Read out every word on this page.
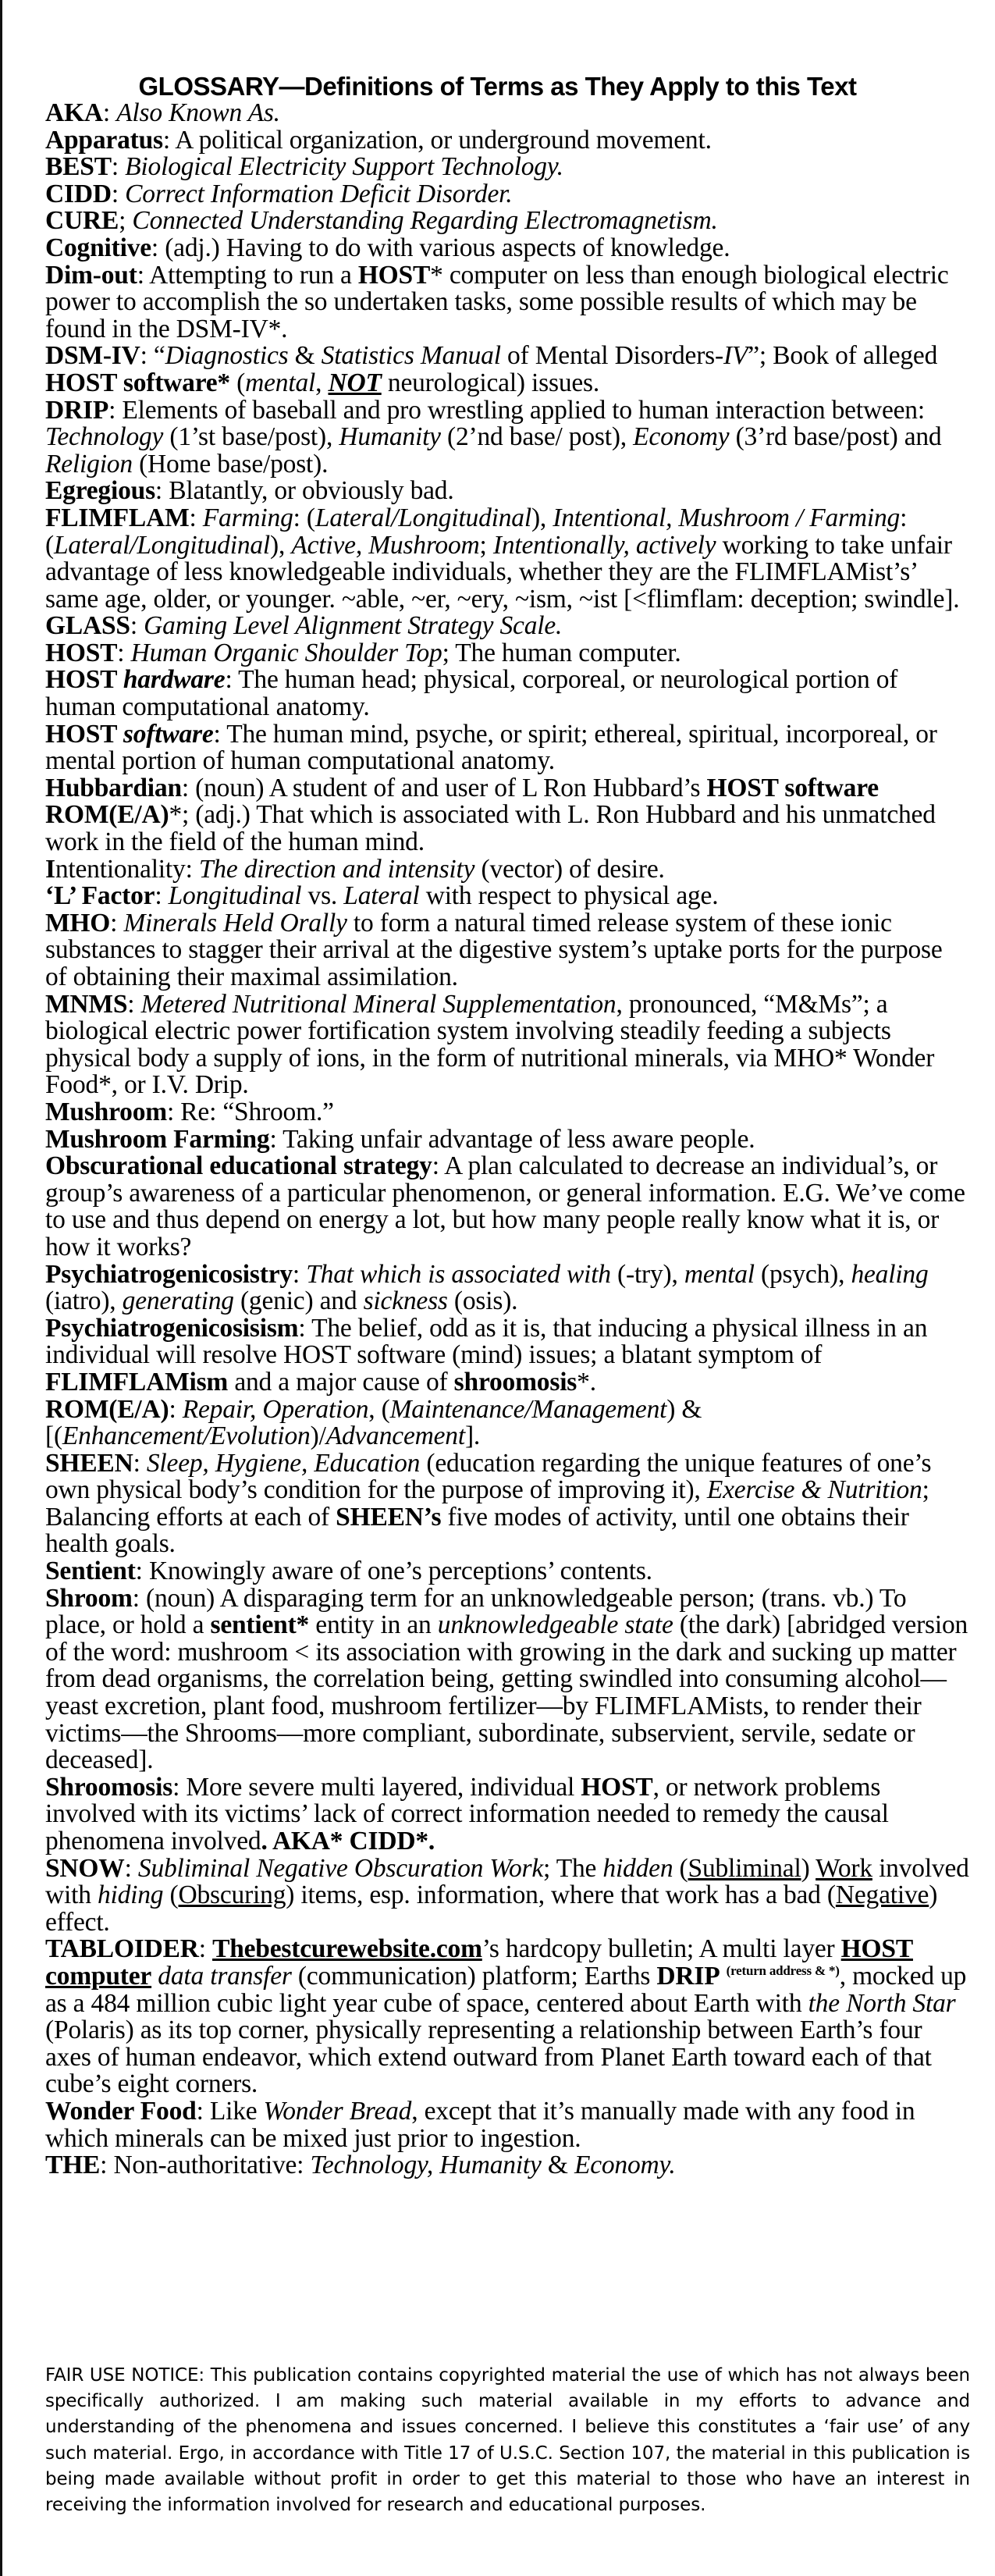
GLOSSARY—Definitions of Terms as They Apply to this Text
AKA: Also Known As.
Apparatus: A political organization, or underground movement.
BEST: Biological Electricity Support Technology.
CIDD: Correct Information Deficit Disorder.
CURE; Connected Understanding Regarding Electromagnetism.
Cognitive: (adj.) Having to do with various aspects of knowledge.
Dim-out: Attempting to run a HOST* computer on less than enough biological electric power to accomplish the so undertaken tasks, some possible results of which may be found in the DSM-IV*.
DSM-IV: “Diagnostics & Statistics Manual of Mental Disorders-IV”; Book of alleged HOST software* (mental, NOT neurological) issues.
DRIP: Elements of baseball and pro wrestling applied to human interaction between: Technology (1’st base/post), Humanity (2’nd base/ post), Economy (3’rd base/post) and Religion (Home base/post).
Egregious: Blatantly, or obviously bad.
FLIMFLAM: Farming: (Lateral/Longitudinal), Intentional, Mushroom / Farming: (Lateral/Longitudinal), Active, Mushroom; Intentionally, actively working to take unfair advantage of less knowledgeable individuals, whether they are the FLIMFLAMist’s’ same age, older, or younger. ~able, ~er, ~ery, ~ism, ~ist [<flimflam: deception; swindle].
GLASS: Gaming Level Alignment Strategy Scale.
HOST: Human Organic Shoulder Top; The human computer.
HOST hardware: The human head; physical, corporeal, or neurological portion of human computational anatomy.
HOST software: The human mind, psyche, or spirit; ethereal, spiritual, incorporeal, or mental portion of human computational anatomy.
Hubbardian: (noun) A student of and user of L Ron Hubbard’s HOST software ROM(E/A)*; (adj.) That which is associated with L. Ron Hubbard and his unmatched work in the field of the human mind.
Intentionality: The direction and intensity (vector) of desire.
‘L’ Factor: Longitudinal vs. Lateral with respect to physical age.
MHO: Minerals Held Orally to form a natural timed release system of these ionic substances to stagger their arrival at the digestive system’s uptake ports for the purpose of obtaining their maximal assimilation.
MNMS: Metered Nutritional Mineral Supplementation, pronounced, “M&Ms”; a biological electric power fortification system involving steadily feeding a subjects physical body a supply of ions, in the form of nutritional minerals, via MHO* Wonder Food*, or I.V. Drip.
Mushroom: Re: “Shroom.”
Mushroom Farming: Taking unfair advantage of less aware people.
Obscurational educational strategy: A plan calculated to decrease an individual’s, or group’s awareness of a particular phenomenon, or general information. E.G. We’ve come to use and thus depend on energy a lot, but how many people really know what it is, or how it works?
Psychiatrogenicosistry: That which is associated with (-try), mental (psych), healing (iatro), generating (genic) and sickness (osis).
Psychiatrogenicosisism: The belief, odd as it is, that inducing a physical illness in an individual will resolve HOST software (mind) issues; a blatant symptom of FLIMFLAMism and a major cause of shroomosis*.
ROM(E/A): Repair, Operation, (Maintenance/Management) & [(Enhancement/Evolution)/Advancement].
SHEEN: Sleep, Hygiene, Education (education regarding the unique features of one’s own physical body’s condition for the purpose of improving it), Exercise & Nutrition; Balancing efforts at each of SHEEN’s five modes of activity, until one obtains their health goals.
Sentient: Knowingly aware of one’s perceptions’ contents.
Shroom: (noun) A disparaging term for an unknowledgeable person; (trans. vb.) To place, or hold a sentient* entity in an unknowledgeable state (the dark) [abridged version of the word: mushroom < its association with growing in the dark and sucking up matter from dead organisms, the correlation being, getting swindled into consuming alcohol—yeast excretion, plant food, mushroom fertilizer—by FLIMFLAMists, to render their victims—the Shrooms—more compliant, subordinate, subservient, servile, sedate or deceased].
Shroomosis: More severe multi layered, individual HOST, or network problems involved with its victims’ lack of correct information needed to remedy the causal phenomena involved. AKA* CIDD*.
SNOW: Subliminal Negative Obscuration Work; The hidden (Subliminal) Work involved with hiding (Obscuring) items, esp. information, where that work has a bad (Negative) effect.
TABLOIDER: Thebestcurewebsite.com’s hardcopy bulletin; A multi layer HOST computer data transfer (communication) platform; Earths DRIP $^{(return address \& *)}$, mocked up as a 484 million cubic light year cube of space, centered about Earth with the North Star (Polaris) as its top corner, physically representing a relationship between Earth’s four axes of human endeavor, which extend outward from Planet Earth toward each of that cube’s eight corners.
Wonder Food: Like Wonder Bread, except that it’s manually made with any food in which minerals can be mixed just prior to ingestion.
THE: Non-authoritative: Technology, Humanity & Economy.
FAIR USE NOTICE: This publication contains copyrighted material the use of which has not always been specifically authorized. I am making such material available in my efforts to advance and understanding of the phenomena and issues concerned. I believe this constitutes a ‘fair use’ of any such material. Ergo, in accordance with Title 17 of U.S.C. Section 107, the material in this publication is being made available without profit in order to get this material to those who have an interest in receiving the information involved for research and educational purposes.
